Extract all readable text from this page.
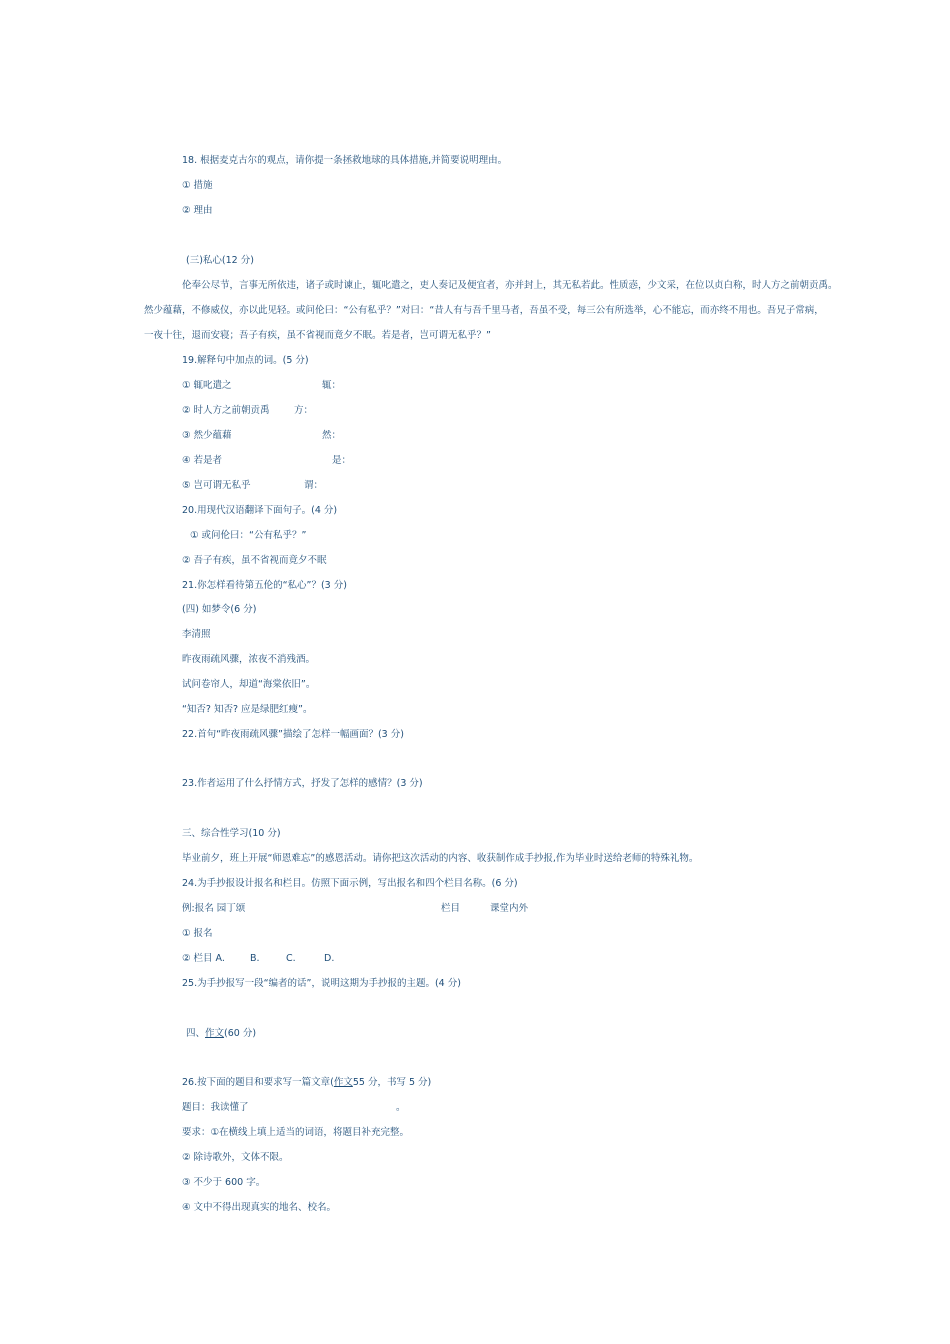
18. 根据麦克古尔的观点，请你提一条拯救地球的具体措施,并简要说明理由。
① 措施
② 理由
(三)私心(12 分)
伦奉公尽节，言事无所依违，诸子或时谏止，辄叱遣之，吏人奏记及便宜者，亦并封上，其无私若此。性质悫，少文采，在位以贞白称，时人方之前朝贡禹。
然少蕴藉，不修威仪，亦以此见轻。或问伦曰：“公有私乎？”对曰：“昔人有与吾千里马者，吾虽不受，每三公有所选举，心不能忘，而亦终不用也。吾兄子常病，
一夜十往，退而安寝；吾子有疾，虽不省视而竟夕不眠。若是者，岂可谓无私乎？”
19.解释句中加点的词。(5 分)
① 辄叱遣之	辄：
② 时人方之前朝贡禹	方：
③ 然少蕴藉	然：
④ 若是者	是：
⑤ 岂可谓无私乎	谓：
20.用现代汉语翻译下面句子。(4 分)
① 或问伦曰：“公有私乎？”
② 吾子有疾，虽不省视而竟夕不眠
21.你怎样看待第五伦的“私心”？(3 分)
(四) 如梦令(6 分)
李清照
昨夜雨疏风骤，浓夜不消残酒。
试问卷帘人，却道“海棠依旧”。
“知否? 知否? 应是绿肥红瘦”。
22.首句“昨夜雨疏风骤”描绘了怎样一幅画面？(3 分)
23.作者运用了什么抒情方式，抒发了怎样的感情？(3 分)
三、综合性学习(10 分)
毕业前夕，班上开展“师恩难忘”的感恩活动。请你把这次活动的内容、收获制作成手抄报,作为毕业时送给老师的特殊礼物。
24.为手抄报设计报名和栏目。仿照下面示例，写出报名和四个栏目名称。(6 分)
例:报名 园丁颂	栏目	课堂内外
① 报名
② 栏目 A.	B.	C.	D.
25.为手抄报写一段“编者的话”，说明这期为手抄报的主题。(4 分)
四、作文(60 分)
26.按下面的题目和要求写一篇文章(作文55 分，书写 5 分)
题目：我读懂了	。
要求：①在横线上填上适当的词语，将题目补充完整。
② 除诗歌外，文体不限。
③ 不少于 600 字。
④ 文中不得出现真实的地名、校名。
